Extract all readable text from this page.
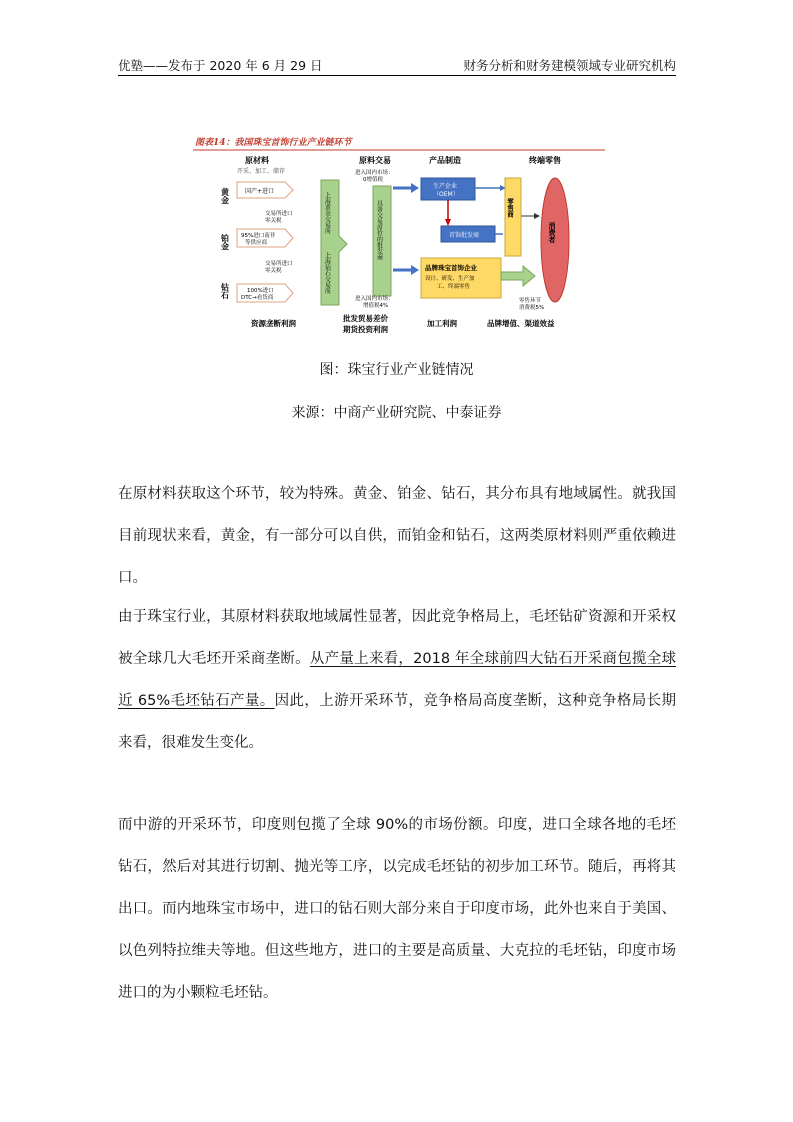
优塾——发布于 2020 年 6 月 29 日	财务分析和财务建模领域专业研究机构
图表14：我国珠宝首饰行业产业链环节
原材料	原料交易	产品制造	终端零售
开采、加工、储存
黄金
铂金
钻石
国产+进口
95%进口南非
等供应商
100%进口
DTC→看货商
交易所进口
零关税
交易所进口
零关税
上海黄金交易所
上海钻石交易所
具备交易席位的批发商
进入国内市场：
0增值税
进入国内市场：
增值税4%
生产企业
（OEM）
首饰批发商
品牌珠宝首饰企业
设计、研发、生产加
工、终端零售
零售商
消费者
零售环节
消费税5%
资源垄断利润
批发贸易差价
期货投资利润
加工利润	品牌增值、渠道效益
图：珠宝行业产业链情况
来源：中商产业研究院、中泰证券

在原材料获取这个环节，较为特殊。黄金、铂金、钻石，其分布具有地域属性。就我国目前现状来看，黄金，有一部分可以自供，而铂金和钻石，这两类原材料则严重依赖进口。

由于珠宝行业，其原材料获取地域属性显著，因此竞争格局上，毛坯钻矿资源和开采权被全球几大毛坯开采商垄断。从产量上来看，2018 年全球前四大钻石开采商包揽全球近 65%毛坯钻石产量。因此，上游开采环节，竞争格局高度垄断，这种竞争格局长期来看，很难发生变化。

而中游的开采环节，印度则包揽了全球 90%的市场份额。印度，进口全球各地的毛坯钻石，然后对其进行切割、抛光等工序，以完成毛坯钻的初步加工环节。随后，再将其出口。而内地珠宝市场中，进口的钻石则大部分来自于印度市场，此外也来自于美国、以色列特拉维夫等地。但这些地方，进口的主要是高质量、大克拉的毛坯钻，印度市场进口的为小颗粒毛坯钻。
